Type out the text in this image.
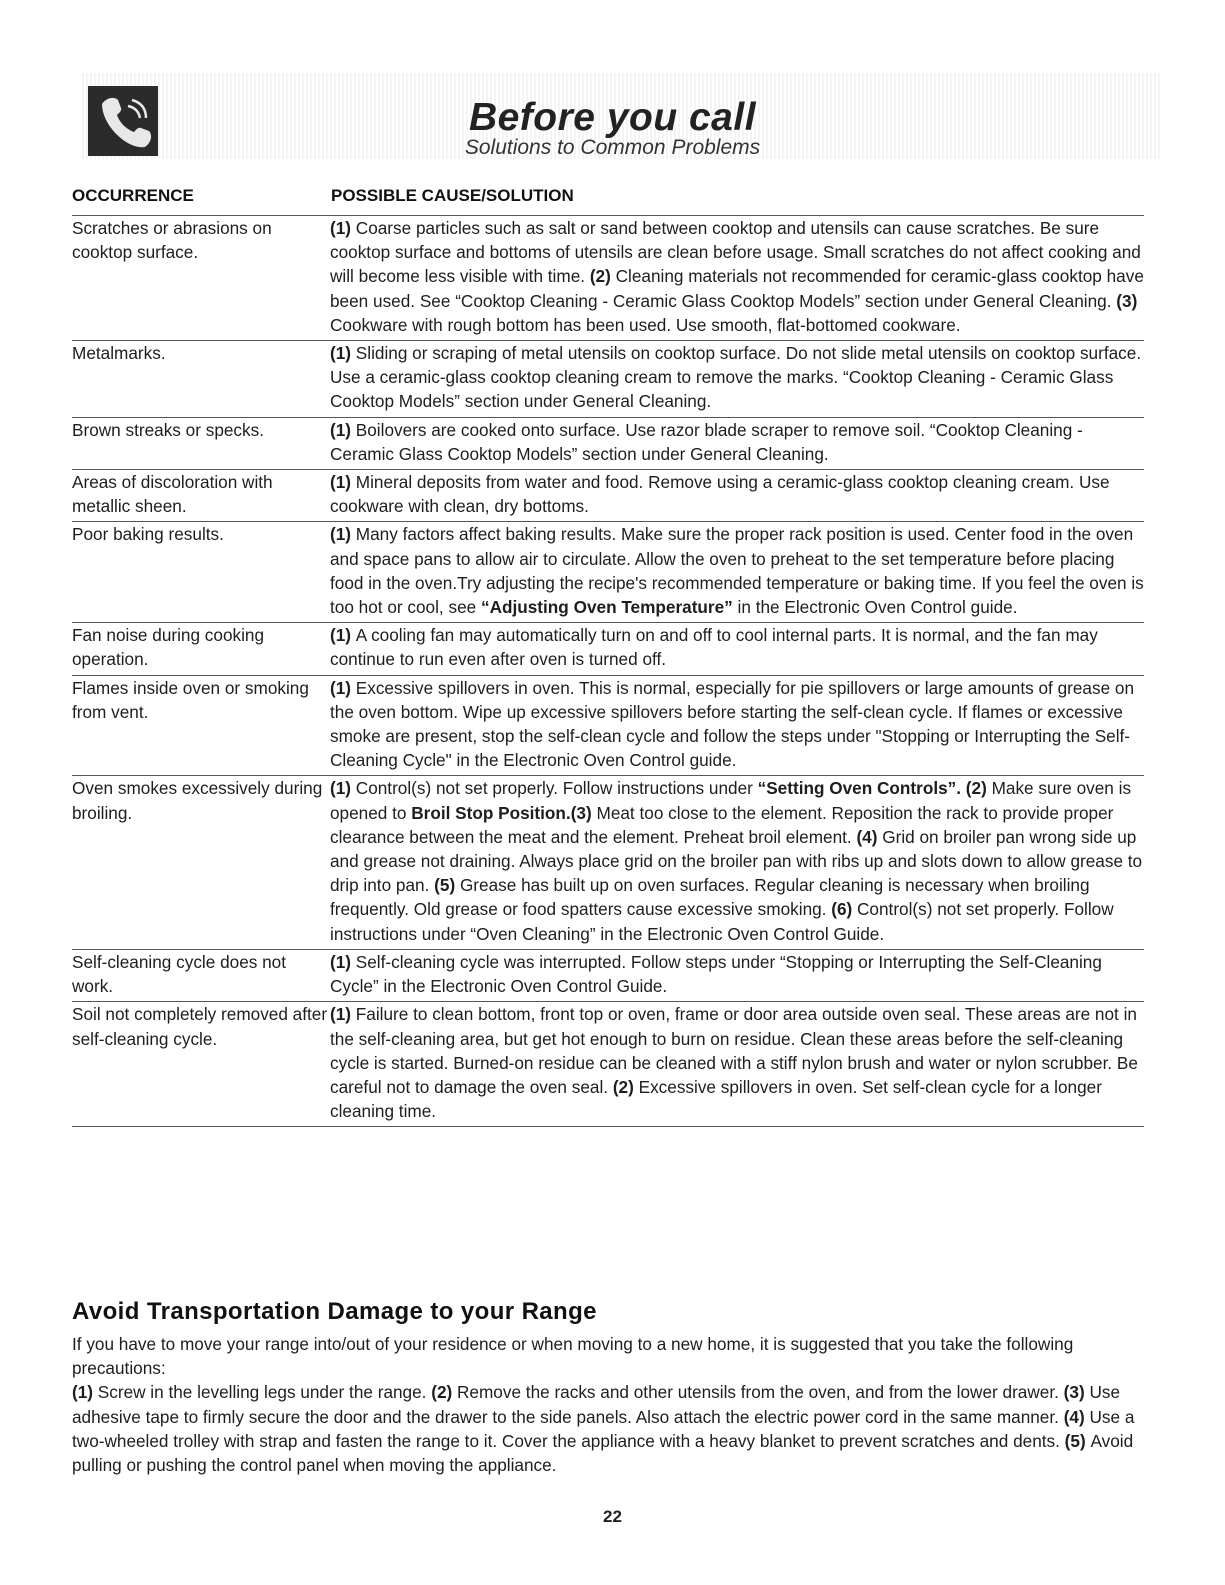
Before you call
Solutions to Common Problems
OCCURRENCE	POSSIBLE CAUSE/SOLUTION
Scratches or abrasions on cooktop surface.	(1) Coarse particles such as salt or sand between cooktop and utensils can cause scratches. Be sure cooktop surface and bottoms of utensils are clean before usage. Small scratches do not affect cooking and will become less visible with time. (2) Cleaning materials not recommended for ceramic-glass cooktop have been used. See “Cooktop Cleaning - Ceramic Glass Cooktop Models” section under General Cleaning. (3) Cookware with rough bottom has been used. Use smooth, flat-bottomed cookware.
Metalmarks.	(1) Sliding or scraping of metal utensils on cooktop surface. Do not slide metal utensils on cooktop surface. Use a ceramic-glass cooktop cleaning cream to remove the marks. “Cooktop Cleaning - Ceramic Glass Cooktop Models” section under General Cleaning.
Brown streaks or specks.	(1) Boilovers are cooked onto surface. Use razor blade scraper to remove soil. “Cooktop Cleaning - Ceramic Glass Cooktop Models” section under General Cleaning.
Areas of discoloration with metallic sheen.	(1) Mineral deposits from water and food. Remove using a ceramic-glass cooktop cleaning cream. Use cookware with clean, dry bottoms.
Poor baking results.	(1) Many factors affect baking results. Make sure the proper rack position is used. Center food in the oven and space pans to allow air to circulate. Allow the oven to preheat to the set temperature before placing food in the oven.Try adjusting the recipe's recommended temperature or baking time. If you feel the oven is too hot or cool, see “Adjusting Oven Temperature” in the Electronic Oven Control guide.
Fan noise during cooking operation.	(1) A cooling fan may automatically turn on and off to cool internal parts. It is normal, and the fan may continue to run even after oven is turned off.
Flames inside oven or smoking from vent.	(1) Excessive spillovers in oven. This is normal, especially for pie spillovers or large amounts of grease on the oven bottom. Wipe up excessive spillovers before starting the self-clean cycle. If flames or excessive smoke are present, stop the self-clean cycle and follow the steps under "Stopping or Interrupting the Self-Cleaning Cycle" in the Electronic Oven Control guide.
Oven smokes excessively during broiling.	(1) Control(s) not set properly. Follow instructions under “Setting Oven Controls”. (2) Make sure oven is opened to Broil Stop Position.(3) Meat too close to the element. Reposition the rack to provide proper clearance between the meat and the element. Preheat broil element. (4) Grid on broiler pan wrong side up and grease not draining. Always place grid on the broiler pan with ribs up and slots down to allow grease to drip into pan. (5) Grease has built up on oven surfaces. Regular cleaning is necessary when broiling frequently. Old grease or food spatters cause excessive smoking. (6) Control(s) not set properly. Follow instructions under “Oven Cleaning” in the Electronic Oven Control Guide.
Self-cleaning cycle does not work.	(1) Self-cleaning cycle was interrupted. Follow steps under “Stopping or Interrupting the Self-Cleaning Cycle” in the Electronic Oven Control Guide.
Soil not completely removed after self-cleaning cycle.	(1) Failure to clean bottom, front top or oven, frame or door area outside oven seal. These areas are not in the self-cleaning area, but get hot enough to burn on residue. Clean these areas before the self-cleaning cycle is started. Burned-on residue can be cleaned with a stiff nylon brush and water or nylon scrubber. Be careful not to damage the oven seal. (2) Excessive spillovers in oven. Set self-clean cycle for a longer cleaning time.
Avoid Transportation Damage to your Range

If you have to move your range into/out of your residence or when moving to a new home, it is suggested that you take the following precautions:

(1) Screw in the levelling legs under the range. (2) Remove the racks and other utensils from the oven, and from the lower drawer. (3) Use adhesive tape to firmly secure the door and the drawer to the side panels. Also attach the electric power cord in the same manner. (4) Use a two-wheeled trolley with strap and fasten the range to it. Cover the appliance with a heavy blanket to prevent scratches and dents. (5) Avoid pulling or pushing the control panel when moving the appliance.

22
